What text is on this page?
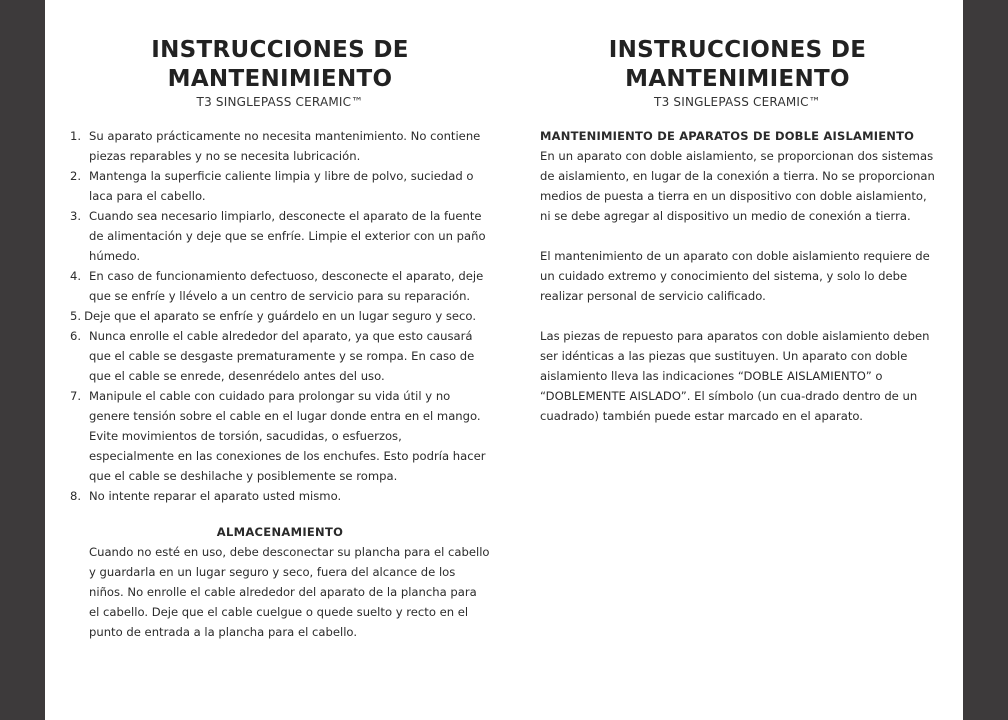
INSTRUCCIONES DE
MANTENIMIENTO
T3 SINGLEPASS CERAMIC™
1. Su aparato prácticamente no necesita mantenimiento. No contiene piezas reparables y no se necesita lubricación.
2. Mantenga la superficie caliente limpia y libre de polvo, suciedad o laca para el cabello.
3. Cuando sea necesario limpiarlo, desconecte el aparato de la fuente de alimentación y deje que se enfríe. Limpie el exterior con un paño húmedo.
4. En caso de funcionamiento defectuoso, desconecte el aparato, deje que se enfríe y llévelo a un centro de servicio para su reparación.
5. Deje que el aparato se enfríe y guárdelo en un lugar seguro y seco.
6. Nunca enrolle el cable alrededor del aparato, ya que esto causará que el cable se desgaste prematuramente y se rompa. En caso de que el cable se enrede, desenrédelo antes del uso.
7. Manipule el cable con cuidado para prolongar su vida útil y no genere tensión sobre el cable en el lugar donde entra en el mango. Evite movimientos de torsión, sacudidas, o esfuerzos, especialmente en las conexiones de los enchufes. Esto podría hacer que el cable se deshilache y posiblemente se rompa.
8. No intente reparar el aparato usted mismo.
ALMACENAMIENTO
Cuando no esté en uso, debe desconectar su plancha para el cabello y guardarla en un lugar seguro y seco, fuera del alcance de los niños. No enrolle el cable alrededor del aparato de la plancha para el cabello. Deje que el cable cuelgue o quede suelto y recto en el punto de entrada a la plancha para el cabello.
INSTRUCCIONES DE
MANTENIMIENTO
T3 SINGLEPASS CERAMIC™
MANTENIMIENTO DE APARATOS DE DOBLE AISLAMIENTO

En un aparato con doble aislamiento, se proporcionan dos sistemas de aislamiento, en lugar de la conexión a tierra. No se proporcionan medios de puesta a tierra en un dispositivo con doble aislamiento, ni se debe agregar al dispositivo un medio de conexión a tierra.

El mantenimiento de un aparato con doble aislamiento requiere de un cuidado extremo y conocimiento del sistema, y solo lo debe realizar personal de servicio calificado.

Las piezas de repuesto para aparatos con doble aislamiento deben ser idénticas a las piezas que sustituyen. Un aparato con doble aislamiento lleva las indicaciones “DOBLE AISLAMIENTO” o “DOBLEMENTE AISLADO”. El símbolo (un cua-drado dentro de un cuadrado) también puede estar marcado en el aparato.
